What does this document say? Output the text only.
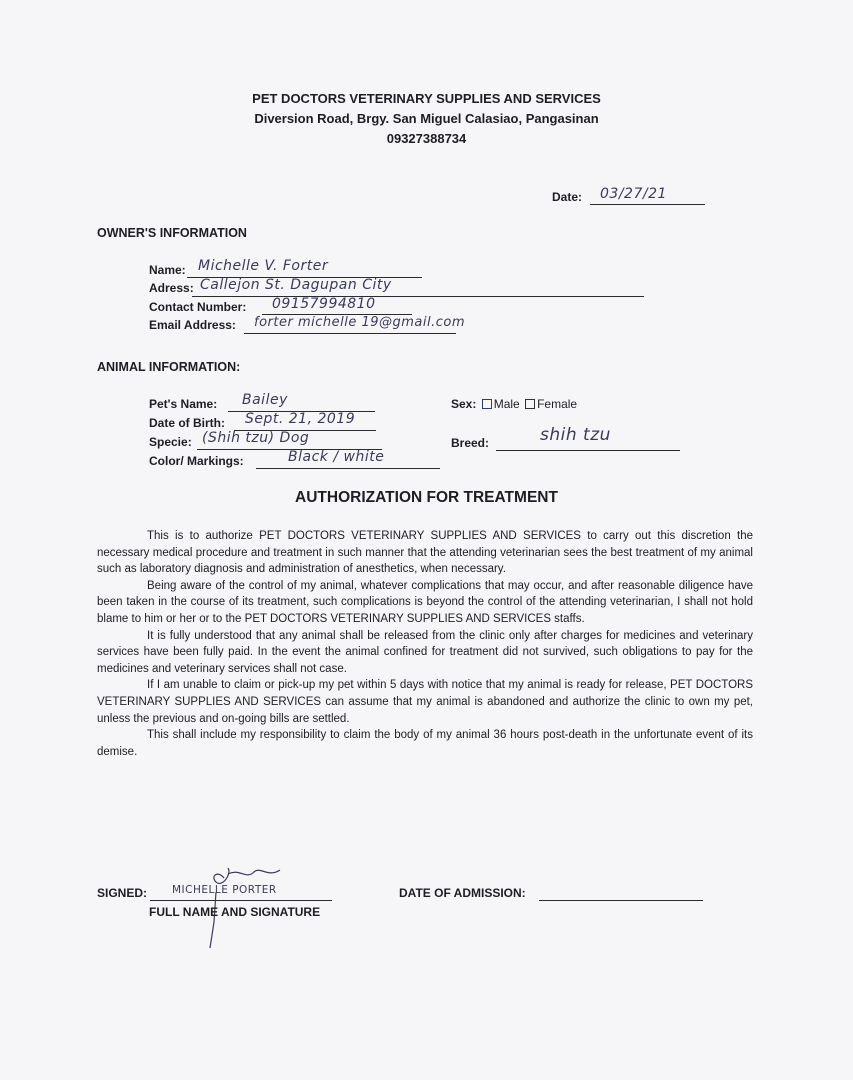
PET DOCTORS VETERINARY SUPPLIES AND SERVICES
Diversion Road, Brgy. San Miguel Calasiao, Pangasinan
09327388734
Date: 03/27/21
OWNER'S INFORMATION
Name: Michelle V. Forter
Adress: Callejon St. Dagupan City
Contact Number: 09157994810
Email Address: forter michelle 19@gmail.com
ANIMAL INFORMATION:
Pet's Name: Bailey
Date of Birth: Sept. 21, 2019
Specie: (Shih tzu) Dog
Color/ Markings:	Black / white
Sex: Male Female
Breed:	shih tzu
AUTHORIZATION FOR TREATMENT

This is to authorize PET DOCTORS VETERINARY SUPPLIES AND SERVICES to carry out this discretion the necessary medical procedure and treatment in such manner that the attending veterinarian sees the best treatment of my animal such as laboratory diagnosis and administration of anesthetics, when necessary.

Being aware of the control of my animal, whatever complications that may occur, and after reasonable diligence have been taken in the course of its treatment, such complications is beyond the control of the attending veterinarian, I shall not hold blame to him or her or to the PET DOCTORS VETERINARY SUPPLIES AND SERVICES staffs.

It is fully understood that any animal shall be released from the clinic only after charges for medicines and veterinary services have been fully paid. In the event the animal confined for treatment did not survived, such obligations to pay for the medicines and veterinary services shall not case.

If I am unable to claim or pick-up my pet within 5 days with notice that my animal is ready for release, PET DOCTORS VETERINARY SUPPLIES AND SERVICES can assume that my animal is abandoned and authorize the clinic to own my pet, unless the previous and on-going bills are settled.

This shall include my responsibility to claim the body of my animal 36 hours post-death in the unfortunate event of its demise.

SIGNED: MICHELLE PORTER
FULL NAME AND SIGNATURE
DATE OF ADMISSION:
